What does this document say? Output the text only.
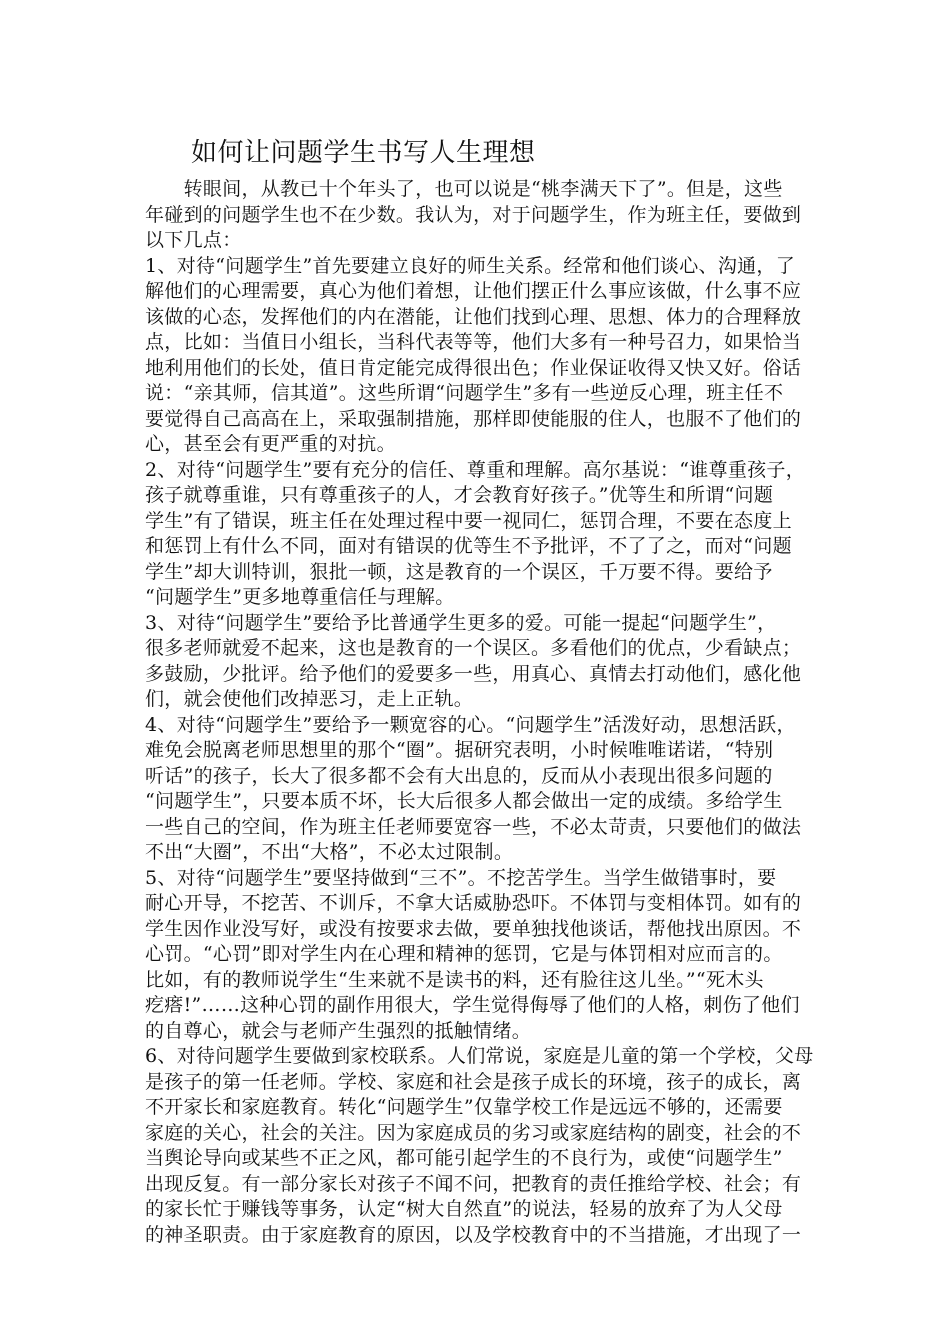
如何让问题学生书写人生理想
　　转眼间，从教已十个年头了，也可以说是“桃李满天下了”。但是，这些
年碰到的问题学生也不在少数。我认为，对于问题学生，作为班主任，要做到
以下几点：
1、对待“问题学生”首先要建立良好的师生关系。经常和他们谈心、沟通，了
解他们的心理需要，真心为他们着想，让他们摆正什么事应该做，什么事不应
该做的心态，发挥他们的内在潜能，让他们找到心理、思想、体力的合理释放
点，比如：当值日小组长，当科代表等等，他们大多有一种号召力，如果恰当
地利用他们的长处，值日肯定能完成得很出色；作业保证收得又快又好。俗话
说：“亲其师，信其道”。这些所谓“问题学生”多有一些逆反心理，班主任不
要觉得自己高高在上，采取强制措施，那样即使能服的住人，也服不了他们的
心，甚至会有更严重的对抗。
2、对待“问题学生”要有充分的信任、尊重和理解。高尔基说：“谁尊重孩子，
孩子就尊重谁，只有尊重孩子的人，才会教育好孩子。”优等生和所谓“问题
学生”有了错误，班主任在处理过程中要一视同仁，惩罚合理，不要在态度上
和惩罚上有什么不同，面对有错误的优等生不予批评，不了了之，而对“问题
学生”却大训特训，狠批一顿，这是教育的一个误区，千万要不得。要给予
“问题学生”更多地尊重信任与理解。
3、对待“问题学生”要给予比普通学生更多的爱。可能一提起“问题学生”，
很多老师就爱不起来，这也是教育的一个误区。多看他们的优点，少看缺点；
多鼓励，少批评。给予他们的爱要多一些，用真心、真情去打动他们，感化他
们，就会使他们改掉恶习，走上正轨。
4、对待“问题学生”要给予一颗宽容的心。“问题学生”活泼好动，思想活跃，
难免会脱离老师思想里的那个“圈”。据研究表明，小时候唯唯诺诺，“特别
听话”的孩子，长大了很多都不会有大出息的，反而从小表现出很多问题的
“问题学生”，只要本质不坏，长大后很多人都会做出一定的成绩。多给学生
一些自己的空间，作为班主任老师要宽容一些，不必太苛责，只要他们的做法
不出“大圈”，不出“大格”，不必太过限制。
5、对待“问题学生”要坚持做到“三不”。不挖苦学生。当学生做错事时，要
耐心开导，不挖苦、不训斥，不拿大话威胁恐吓。不体罚与变相体罚。如有的
学生因作业没写好，或没有按要求去做，要单独找他谈话，帮他找出原因。不
心罚。“心罚”即对学生内在心理和精神的惩罚，它是与体罚相对应而言的。
比如，有的教师说学生“生来就不是读书的料，还有脸往这儿坐。”“死木头
疙瘩!”……这种心罚的副作用很大，学生觉得侮辱了他们的人格，刺伤了他们
的自尊心，就会与老师产生强烈的抵触情绪。
6、对待问题学生要做到家校联系。人们常说，家庭是儿童的第一个学校，父母
是孩子的第一任老师。学校、家庭和社会是孩子成长的环境，孩子的成长，离
不开家长和家庭教育。转化“问题学生”仅靠学校工作是远远不够的，还需要
家庭的关心，社会的关注。因为家庭成员的劣习或家庭结构的剧变，社会的不
当舆论导向或某些不正之风，都可能引起学生的不良行为，或使“问题学生”
出现反复。有一部分家长对孩子不闻不问，把教育的责任推给学校、社会；有
的家长忙于赚钱等事务，认定“树大自然直”的说法，轻易的放弃了为人父母
的神圣职责。由于家庭教育的原因，以及学校教育中的不当措施，才出现了一
